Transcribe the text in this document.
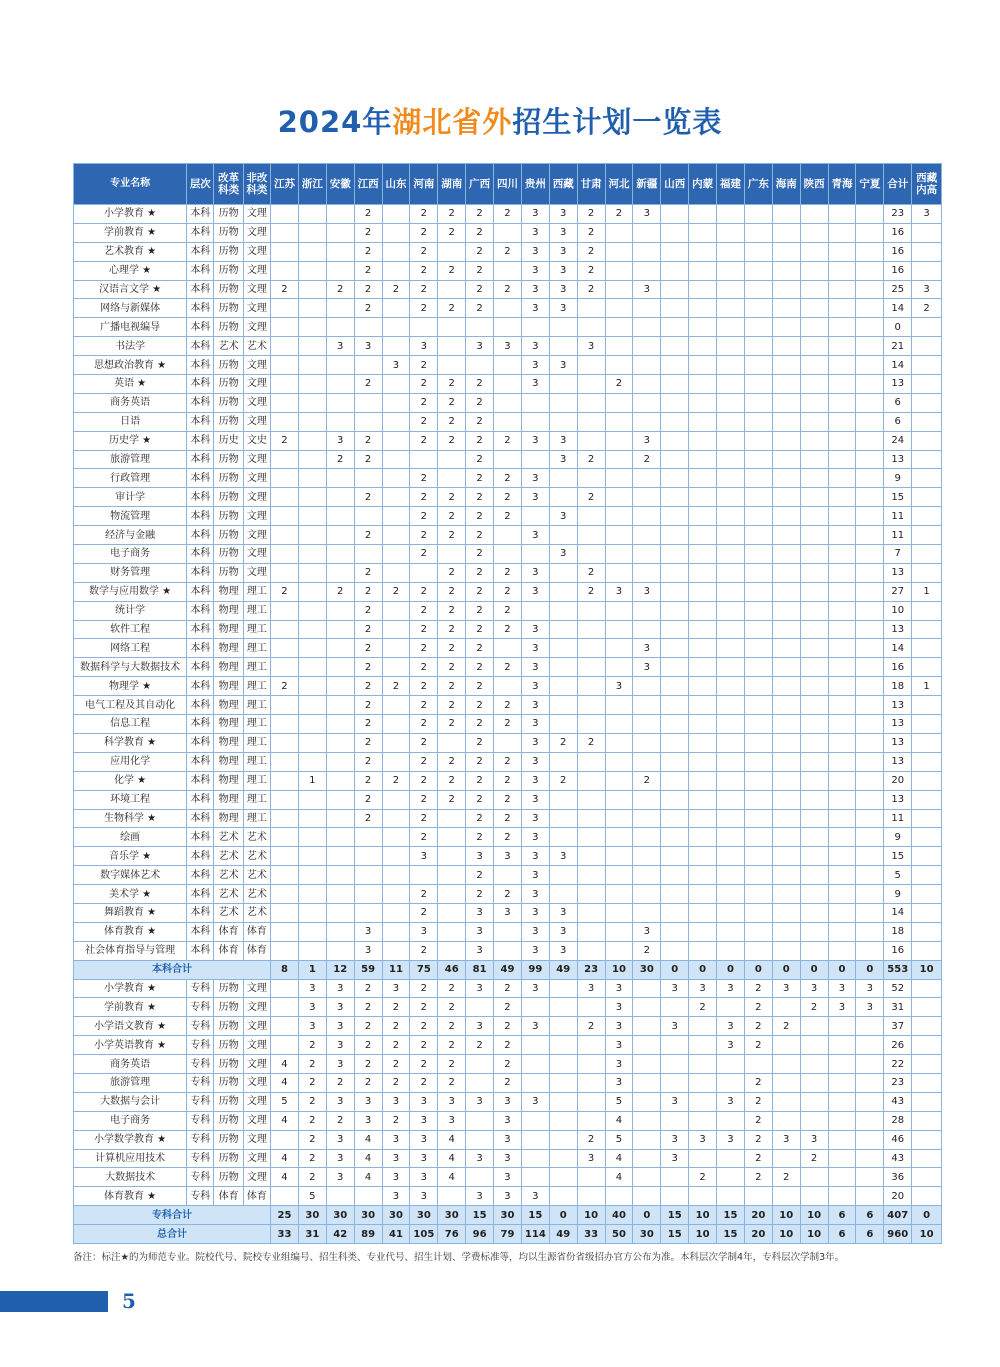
2024年湖北省外招生计划一览表
专业名称	层次	改革科类	非改科类	江苏	浙江	安徽	江西	山东	河南	湖南	广西	四川	贵州	西藏	甘肃	河北	新疆	山西	内蒙	福建	广东	海南	陕西	青海	宁夏	合计	西藏内高
小学教育 ★	本科	历物	文理				2		2	2	2	2	3	3	2	2	3									23	3
学前教育 ★	本科	历物	文理				2		2	2	2		3	3	2											16	
艺术教育 ★	本科	历物	文理				2		2		2	2	3	3	2											16	
心理学 ★	本科	历物	文理				2		2	2	2		3	3	2											16	
汉语言文学 ★	本科	历物	文理	2		2	2	2	2		2	2	3	3	2		3									25	3
网络与新媒体	本科	历物	文理				2		2	2	2		3	3												14	2
广播电视编导	本科	历物	文理																							0	
书法学	本科	艺术	艺术			3	3		3		3	3	3		3											21	
思想政治教育 ★	本科	历物	文理					3	2				3	3												14	
英语 ★	本科	历物	文理				2		2	2	2		3			2										13	
商务英语	本科	历物	文理						2	2	2															6	
日语	本科	历物	文理						2	2	2															6	
历史学 ★	本科	历史	文史	2		3	2		2	2	2	2	3	3			3									24	
旅游管理	本科	历物	文理			2	2				2			3	2		2									13	
行政管理	本科	历物	文理						2		2	2	3													9	
审计学	本科	历物	文理				2		2	2	2	2	3		2											15	
物流管理	本科	历物	文理						2	2	2	2		3												11	
经济与金融	本科	历物	文理				2		2	2	2		3													11	
电子商务	本科	历物	文理						2		2			3												7	
财务管理	本科	历物	文理				2			2	2	2	3		2											13	
数学与应用数学 ★	本科	物理	理工	2		2	2	2	2	2	2	2	3		2	3	3									27	1
统计学	本科	物理	理工				2		2	2	2	2														10	
软件工程	本科	物理	理工				2		2	2	2	2	3													13	
网络工程	本科	物理	理工				2		2	2	2		3				3									14	
数据科学与大数据技术	本科	物理	理工				2		2	2	2	2	3				3									16	
物理学 ★	本科	物理	理工	2			2	2	2	2	2		3			3										18	1
电气工程及其自动化	本科	物理	理工				2		2	2	2	2	3													13	
信息工程	本科	物理	理工				2		2	2	2	2	3													13	
科学教育 ★	本科	物理	理工				2		2		2		3	2	2											13	
应用化学	本科	物理	理工				2		2	2	2	2	3													13	
化学 ★	本科	物理	理工		1		2	2	2	2	2	2	3	2			2									20	
环境工程	本科	物理	理工				2		2	2	2	2	3													13	
生物科学 ★	本科	物理	理工				2		2		2	2	3													11	
绘画	本科	艺术	艺术						2		2	2	3													9	
音乐学 ★	本科	艺术	艺术						3		3	3	3	3												15	
数字媒体艺术	本科	艺术	艺术								2		3													5	
美术学 ★	本科	艺术	艺术						2		2	2	3													9	
舞蹈教育 ★	本科	艺术	艺术						2		3	3	3	3												14	
体育教育 ★	本科	体育	体育				3		3		3		3	3			3									18	
社会体育指导与管理	本科	体育	体育				3		2		3		3	3			2									16	
本科合计				8	1	12	59	11	75	46	81	49	99	49	23	10	30	0	0	0	0	0	0	0	0	553	10
小学教育 ★	专科	历物	文理		3	3	2	3	2	2	3	2	3		3	3		3	3	3	2	3	3	3	3	52	
学前教育 ★	专科	历物	文理		3	3	2	2	2	2		2				3			2		2		2	3	3	31	
小学语文教育 ★	专科	历物	文理		3	3	2	2	2	2	3	2	3		2	3		3		3	2	2				37	
小学英语教育 ★	专科	历物	文理		2	3	2	2	2	2	2	2				3				3	2					26	
商务英语	专科	历物	文理	4	2	3	2	2	2	2		2				3										22	
旅游管理	专科	历物	文理	4	2	2	2	2	2	2		2				3					2					23	
大数据与会计	专科	历物	文理	5	2	3	3	3	3	3	3	3	3			5		3		3	2					43	
电子商务	专科	历物	文理	4	2	2	3	2	3	3		3				4					2					28	
小学数学教育 ★	专科	历物	文理		2	3	4	3	3	4		3			2	5		3	3	3	2	3	3			46	
计算机应用技术	专科	历物	文理	4	2	3	4	3	3	4	3	3			3	4		3			2		2			43	
大数据技术	专科	历物	文理	4	2	3	4	3	3	4		3				4			2		2	2				36	
体育教育 ★	专科	体育	体育		5			3	3		3	3	3													20	
专科合计				25	30	30	30	30	30	30	15	30	15	0	10	40	0	15	10	15	20	10	10	6	6	407	0
总合计				33	31	42	89	41	105	76	96	79	114	49	33	50	30	15	10	15	20	10	10	6	6	960	10
备注：标注★的为师范专业。院校代号、院校专业组编号、招生科类、专业代号、招生计划、学费标准等，均以生源省份省级招办官方公布为准。本科层次学制4年，专科层次学制3年。
5
